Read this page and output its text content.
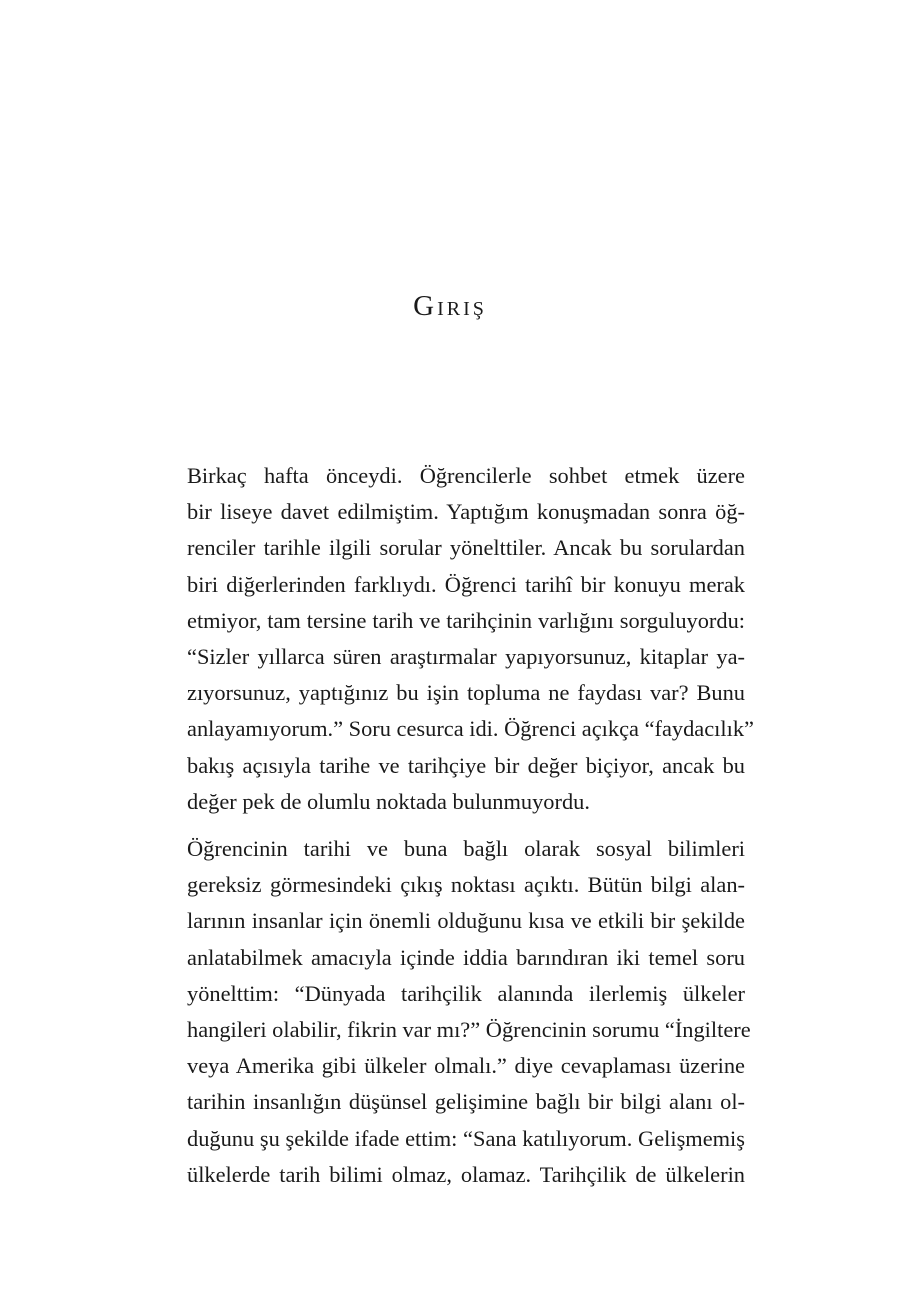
Giriş

Birkaç hafta önceydi. Öğrencilerle sohbet etmek üzere
bir liseye davet edilmiştim. Yaptığım konuşmadan sonra öğ-
renciler tarihle ilgili sorular yönelttiler. Ancak bu sorulardan
biri diğerlerinden farklıydı. Öğrenci tarihî bir konuyu merak
etmiyor, tam tersine tarih ve tarihçinin varlığını sorguluyordu:
“Sizler yıllarca süren araştırmalar yapıyorsunuz, kitaplar ya-
zıyorsunuz, yaptığınız bu işin topluma ne faydası var? Bunu
anlayamıyorum.” Soru cesurca idi. Öğrenci açıkça “faydacılık”
bakış açısıyla tarihe ve tarihçiye bir değer biçiyor, ancak bu
değer pek de olumlu noktada bulunmuyordu.

Öğrencinin tarihi ve buna bağlı olarak sosyal bilimleri
gereksiz görmesindeki çıkış noktası açıktı. Bütün bilgi alan-
larının insanlar için önemli olduğunu kısa ve etkili bir şekilde
anlatabilmek amacıyla içinde iddia barındıran iki temel soru
yönelttim: “Dünyada tarihçilik alanında ilerlemiş ülkeler
hangileri olabilir, fikrin var mı?” Öğrencinin sorumu “İngiltere
veya Amerika gibi ülkeler olmalı.” diye cevaplaması üzerine
tarihin insanlığın düşünsel gelişimine bağlı bir bilgi alanı ol-
duğunu şu şekilde ifade ettim: “Sana katılıyorum. Gelişmemiş
ülkelerde tarih bilimi olmaz, olamaz. Tarihçilik de ülkelerin
